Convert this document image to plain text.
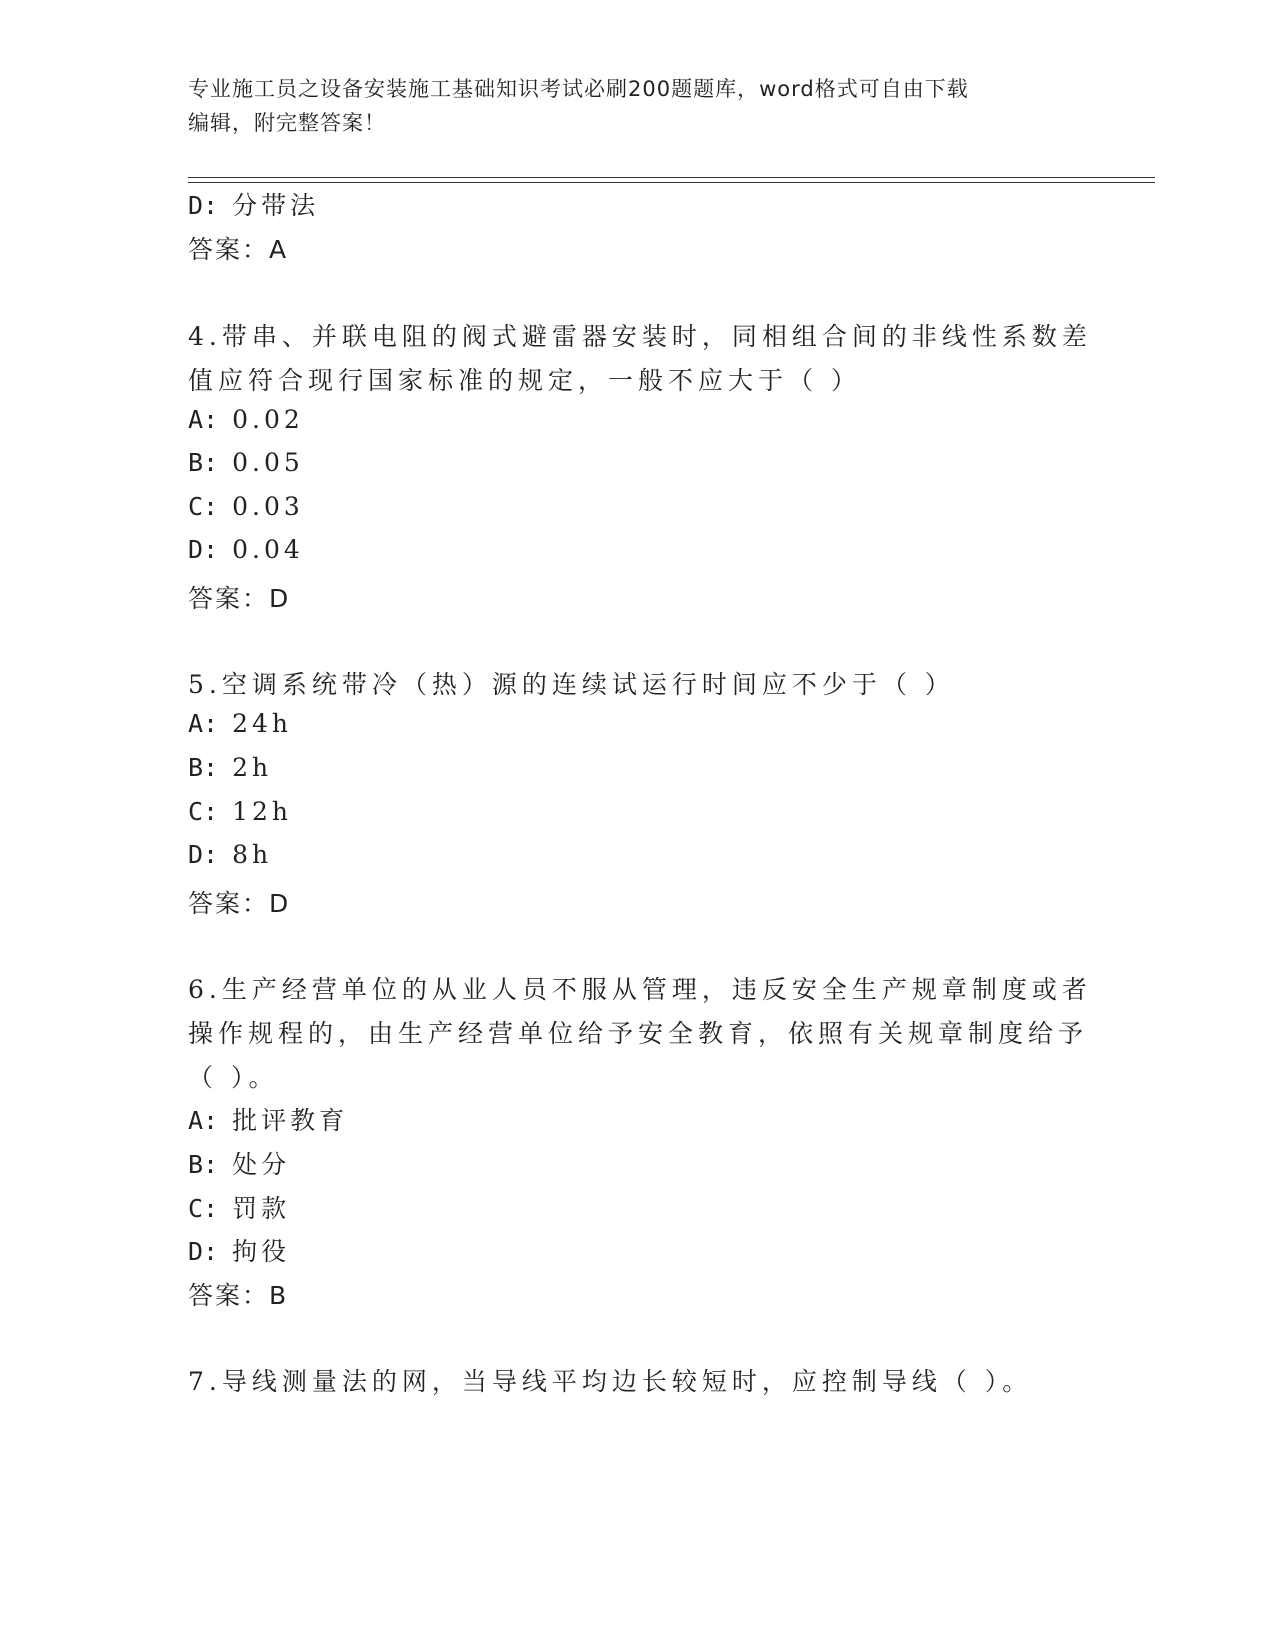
专业施工员之设备安装施工基础知识考试必刷200题题库，word格式可自由下载
编辑，附完整答案！
D: 分带法
答案：A
4.带串、并联电阻的阀式避雷器安装时，同相组合间的非线性系数差
值应符合现行国家标准的规定，一般不应大于（ ）
A: 0.02
B: 0.05
C: 0.03
D: 0.04
答案：D
5.空调系统带冷（热）源的连续试运行时间应不少于（ ）
A: 24h
B: 2h
C: 12h
D: 8h
答案：D
6.生产经营单位的从业人员不服从管理，违反安全生产规章制度或者
操作规程的，由生产经营单位给予安全教育，依照有关规章制度给予
（ ）。
A: 批评教育
B: 处分
C: 罚款
D: 拘役
答案：B
7.导线测量法的网，当导线平均边长较短时，应控制导线（ ）。
